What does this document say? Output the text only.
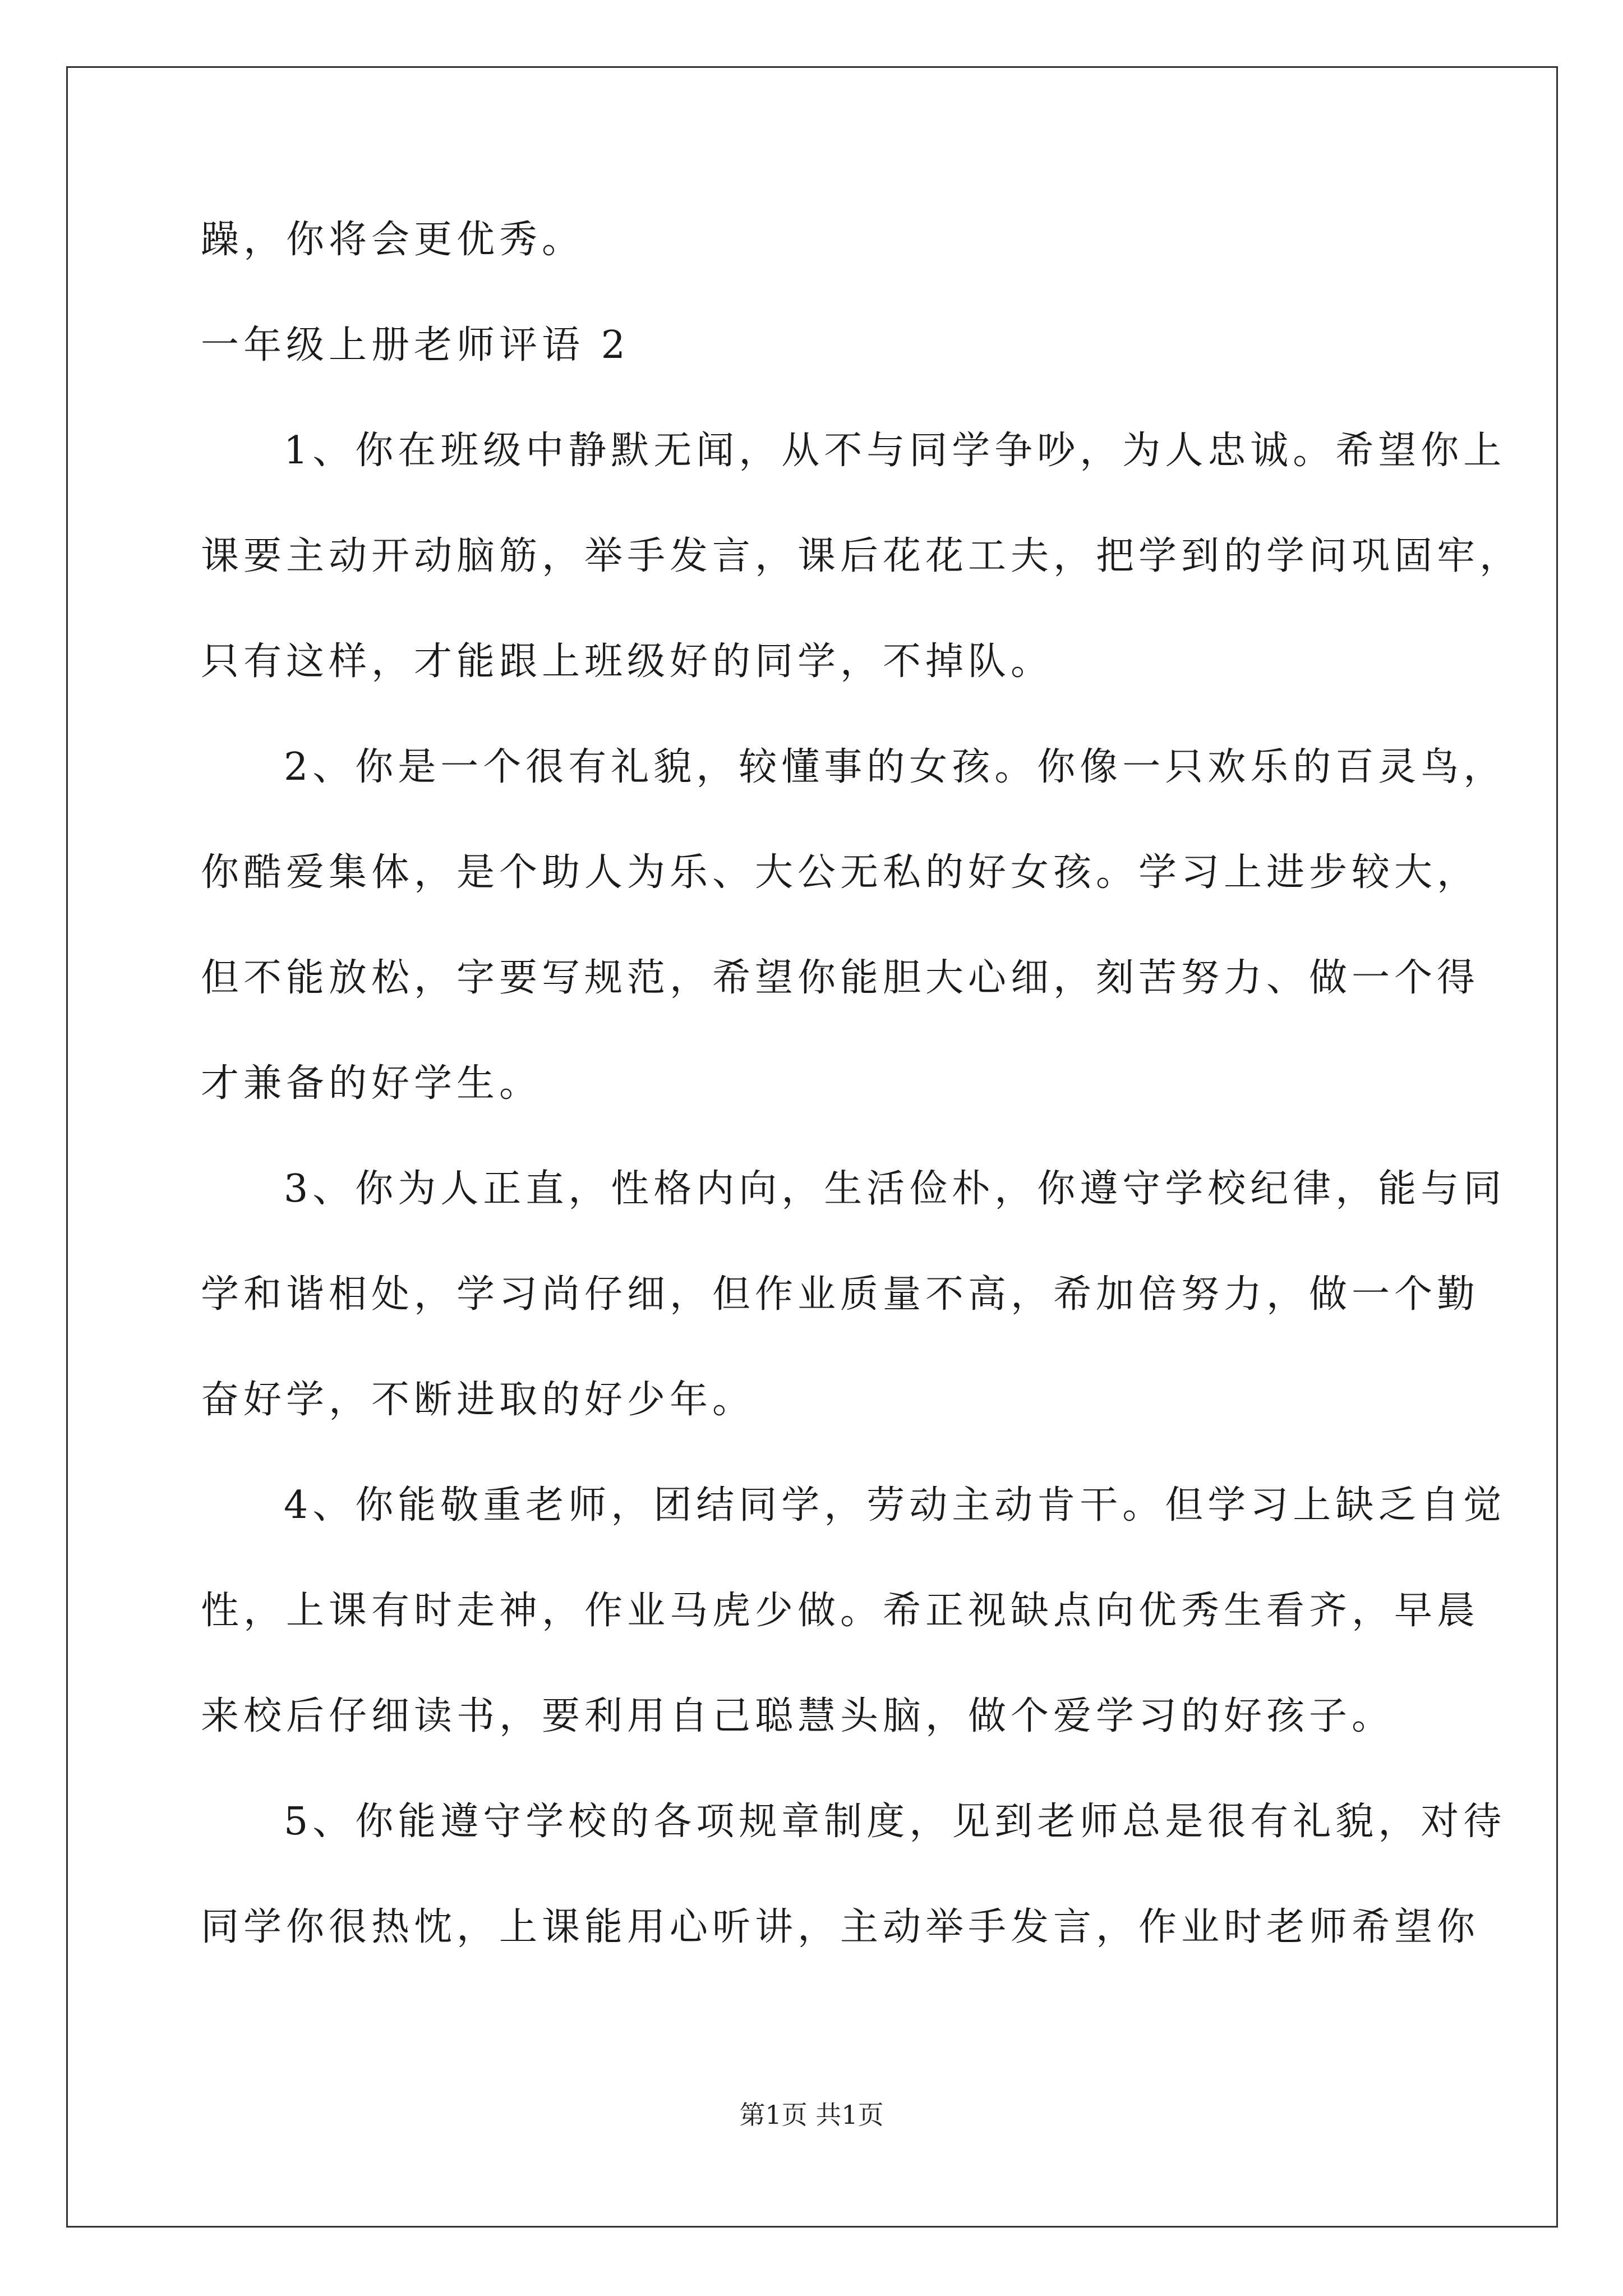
躁，你将会更优秀。
一年级上册老师评语 2
1、你在班级中静默无闻，从不与同学争吵，为人忠诚。希望你上
课要主动开动脑筋，举手发言，课后花花工夫，把学到的学问巩固牢，
只有这样，才能跟上班级好的同学，不掉队。
2、你是一个很有礼貌，较懂事的女孩。你像一只欢乐的百灵鸟，
你酷爱集体，是个助人为乐、大公无私的好女孩。学习上进步较大，
但不能放松，字要写规范，希望你能胆大心细，刻苦努力、做一个得
才兼备的好学生。
3、你为人正直，性格内向，生活俭朴，你遵守学校纪律，能与同
学和谐相处，学习尚仔细，但作业质量不高，希加倍努力，做一个勤
奋好学，不断进取的好少年。
4、你能敬重老师，团结同学，劳动主动肯干。但学习上缺乏自觉
性，上课有时走神，作业马虎少做。希正视缺点向优秀生看齐，早晨
来校后仔细读书，要利用自己聪慧头脑，做个爱学习的好孩子。
5、你能遵守学校的各项规章制度，见到老师总是很有礼貌，对待
同学你很热忱，上课能用心听讲，主动举手发言，作业时老师希望你
第1页 共1页
